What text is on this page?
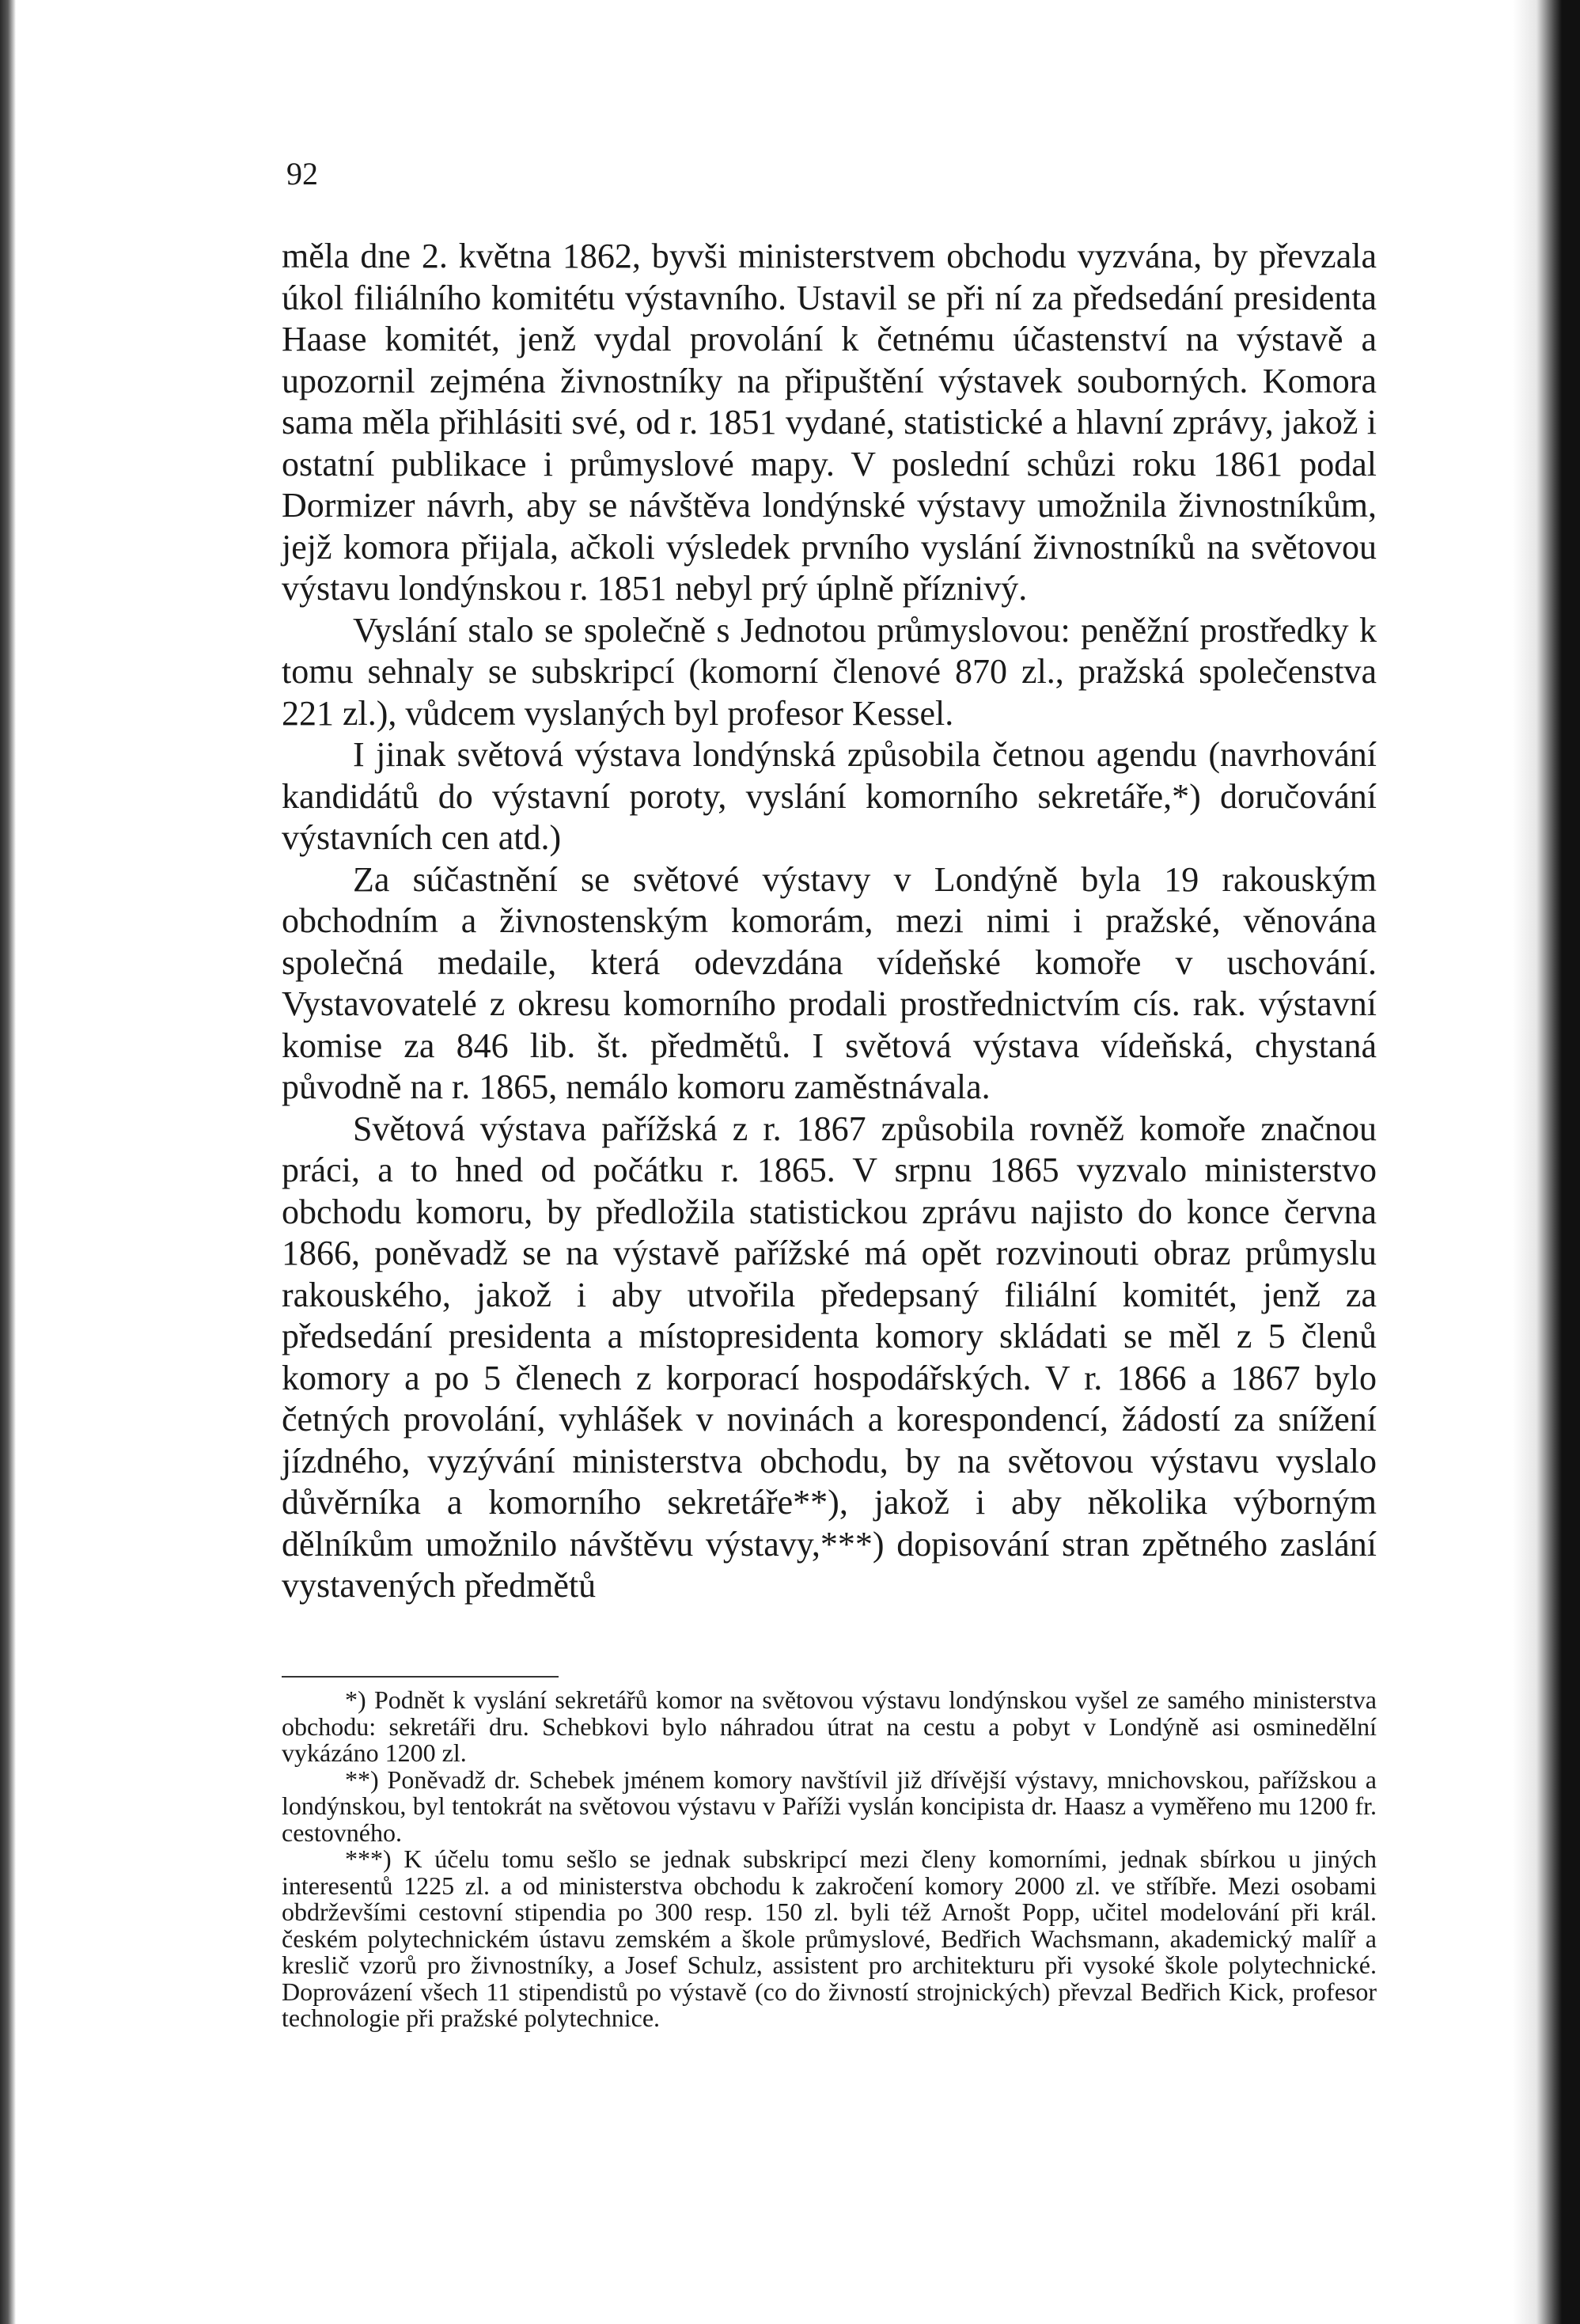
92

měla dne 2. května 1862, byvši ministerstvem obchodu vyzvána, by převzala úkol filiálního komitétu výstavního. Ustavil se při ní za předsedání presidenta Haase komitét, jenž vydal provolání k četnému účastenství na výstavě a upozornil zejména živnostníky na připuštění výstavek souborných. Komora sama měla přihlásiti své, od r. 1851 vydané, statistické a hlavní zprávy, jakož i ostatní publikace i průmyslové mapy. V poslední schůzi roku 1861 podal Dormizer návrh, aby se návštěva londýnské výstavy umožnila živnostníkům, jejž komora přijala, ačkoli výsledek prvního vyslání živnostníků na světovou výstavu londýnskou r. 1851 nebyl prý úplně příznivý.

Vyslání stalo se společně s Jednotou průmyslovou: peněžní prostředky k tomu sehnaly se subskripcí (komorní členové 870 zl., pražská společenstva 221 zl.), vůdcem vyslaných byl profesor Kessel.

I jinak světová výstava londýnská způsobila četnou agendu (navrhování kandidátů do výstavní poroty, vyslání komorního sekretáře,*) doručování výstavních cen atd.)

Za súčastnění se světové výstavy v Londýně byla 19 rakouským obchodním a živnostenským komorám, mezi nimi i pražské, věnována společná medaile, která odevzdána vídeňské komoře v uschování. Vystavovatelé z okresu komorního prodali prostřednictvím cís. rak. výstavní komise za 846 lib. št. předmětů. I světová výstava vídeňská, chystaná původně na r. 1865, nemálo komoru zaměstnávala.

Světová výstava pařížská z r. 1867 způsobila rovněž komoře značnou práci, a to hned od počátku r. 1865. V srpnu 1865 vyzvalo ministerstvo obchodu komoru, by předložila statistickou zprávu najisto do konce června 1866, poněvadž se na výstavě pařížské má opět rozvinouti obraz průmyslu rakouského, jakož i aby utvořila předepsaný filiální komitét, jenž za předsedání presidenta a místopresidenta komory skládati se měl z 5 členů komory a po 5 členech z korporací hospodářských. V r. 1866 a 1867 bylo četných provolání, vyhlášek v novinách a korespondencí, žádostí za snížení jízdného, vyzývání ministerstva obchodu, by na světovou výstavu vyslalo důvěrníka a komorního sekretáře**), jakož i aby několika výborným dělníkům umožnilo návštěvu výstavy,***) dopisování stran zpětného zaslání vystavených předmětů

*) Podnět k vyslání sekretářů komor na světovou výstavu londýnskou vyšel ze samého ministerstva obchodu: sekretáři dru. Schebkovi bylo náhradou útrat na cestu a pobyt v Londýně asi osminedělní vykázáno 1200 zl.

**) Poněvadž dr. Schebek jménem komory navštívil již dřívější výstavy, mnichovskou, pařížskou a londýnskou, byl tentokrát na světovou výstavu v Paříži vyslán koncipista dr. Haasz a vyměřeno mu 1200 fr. cestovného.

***) K účelu tomu sešlo se jednak subskripcí mezi členy komorními, jednak sbírkou u jiných interesentů 1225 zl. a od ministerstva obchodu k zakročení komory 2000 zl. ve stříbře. Mezi osobami obdrževšími cestovní stipendia po 300 resp. 150 zl. byli též Arnošt Popp, učitel modelování při král. českém polytechnickém ústavu zemském a škole průmyslové, Bedřich Wachsmann, akademický malíř a kreslič vzorů pro živnostníky, a Josef Schulz, assistent pro architekturu při vysoké škole polytechnické. Doprovázení všech 11 stipendistů po výstavě (co do živností strojnických) převzal Bedřich Kick, profesor technologie při pražské polytechnice.
